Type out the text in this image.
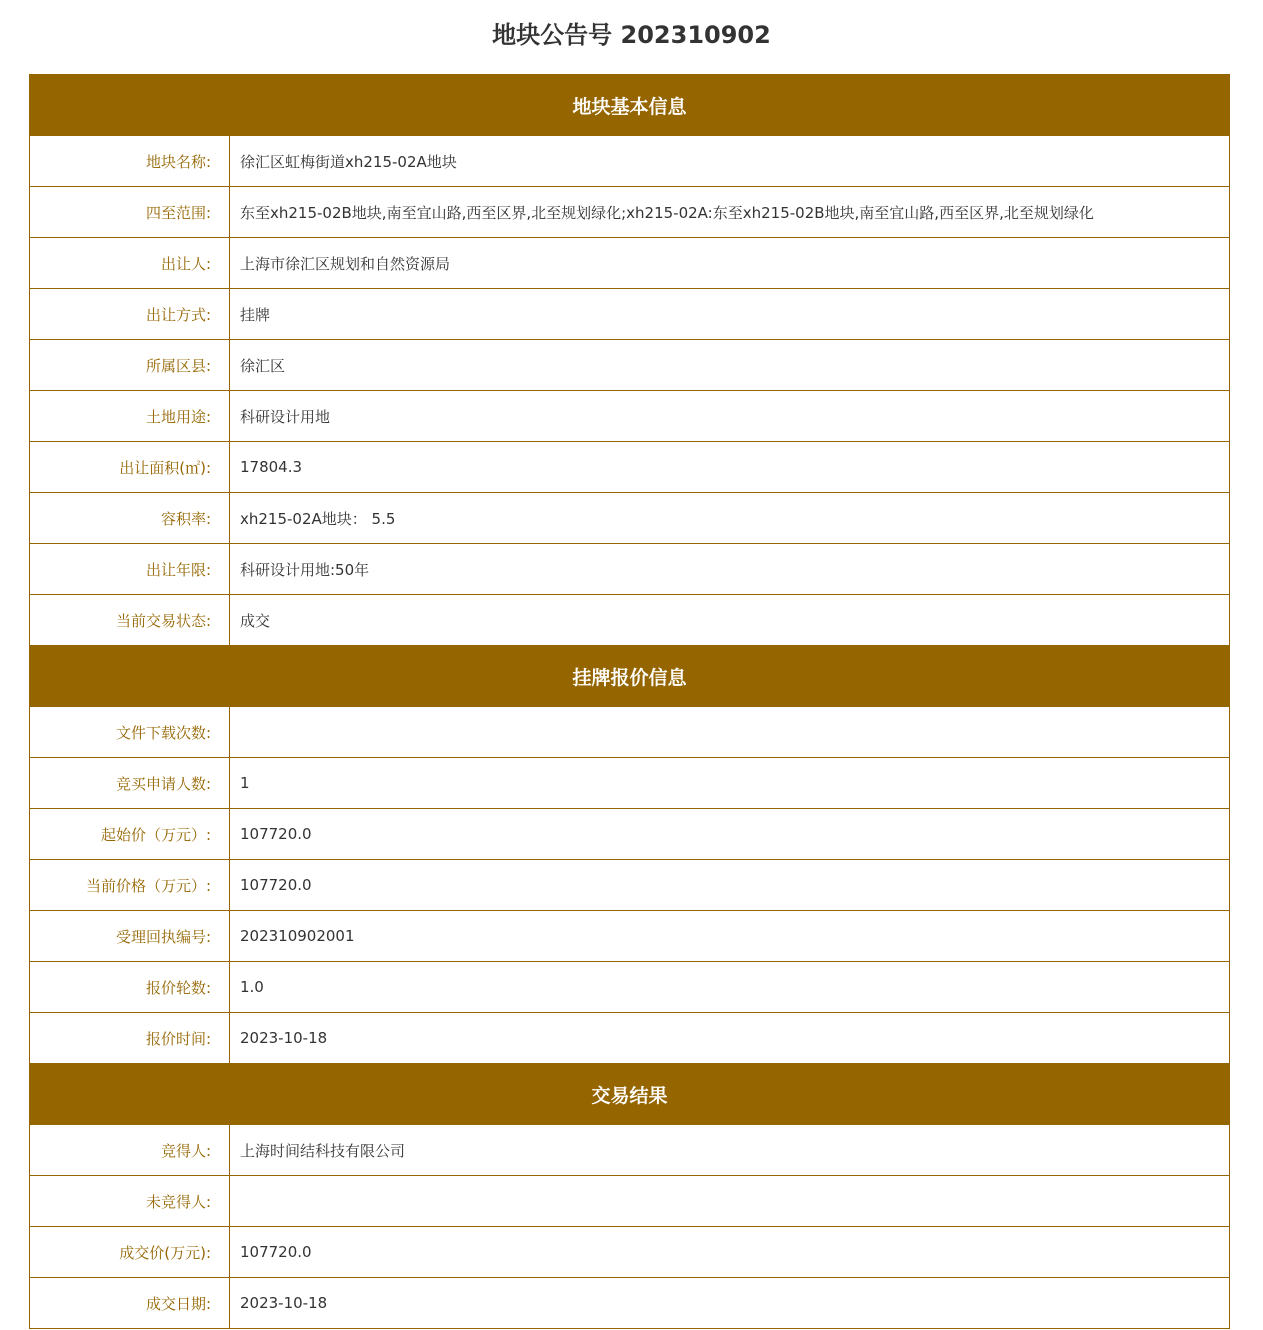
地块公告号 202310902
地块基本信息	
地块名称:	徐汇区虹梅街道xh215-02A地块
四至范围:	东至xh215-02B地块,南至宜山路,西至区界,北至规划绿化;xh215-02A:东至xh215-02B地块,南至宜山路,西至区界,北至规划绿化
出让人:	上海市徐汇区规划和自然资源局
出让方式:	挂牌
所属区县:	徐汇区
土地用途:	科研设计用地
出让面积(㎡):	17804.3
容积率:	xh215-02A地块： 5.5
出让年限:	科研设计用地:50年
当前交易状态:	成交
挂牌报价信息	
文件下载次数:	
竞买申请人数:	1
起始价（万元）:	107720.0
当前价格（万元）:	107720.0
受理回执编号:	202310902001
报价轮数:	1.0
报价时间:	2023-10-18
交易结果	
竞得人:	上海时间结科技有限公司
未竞得人:	
成交价(万元):	107720.0
成交日期:	2023-10-18
